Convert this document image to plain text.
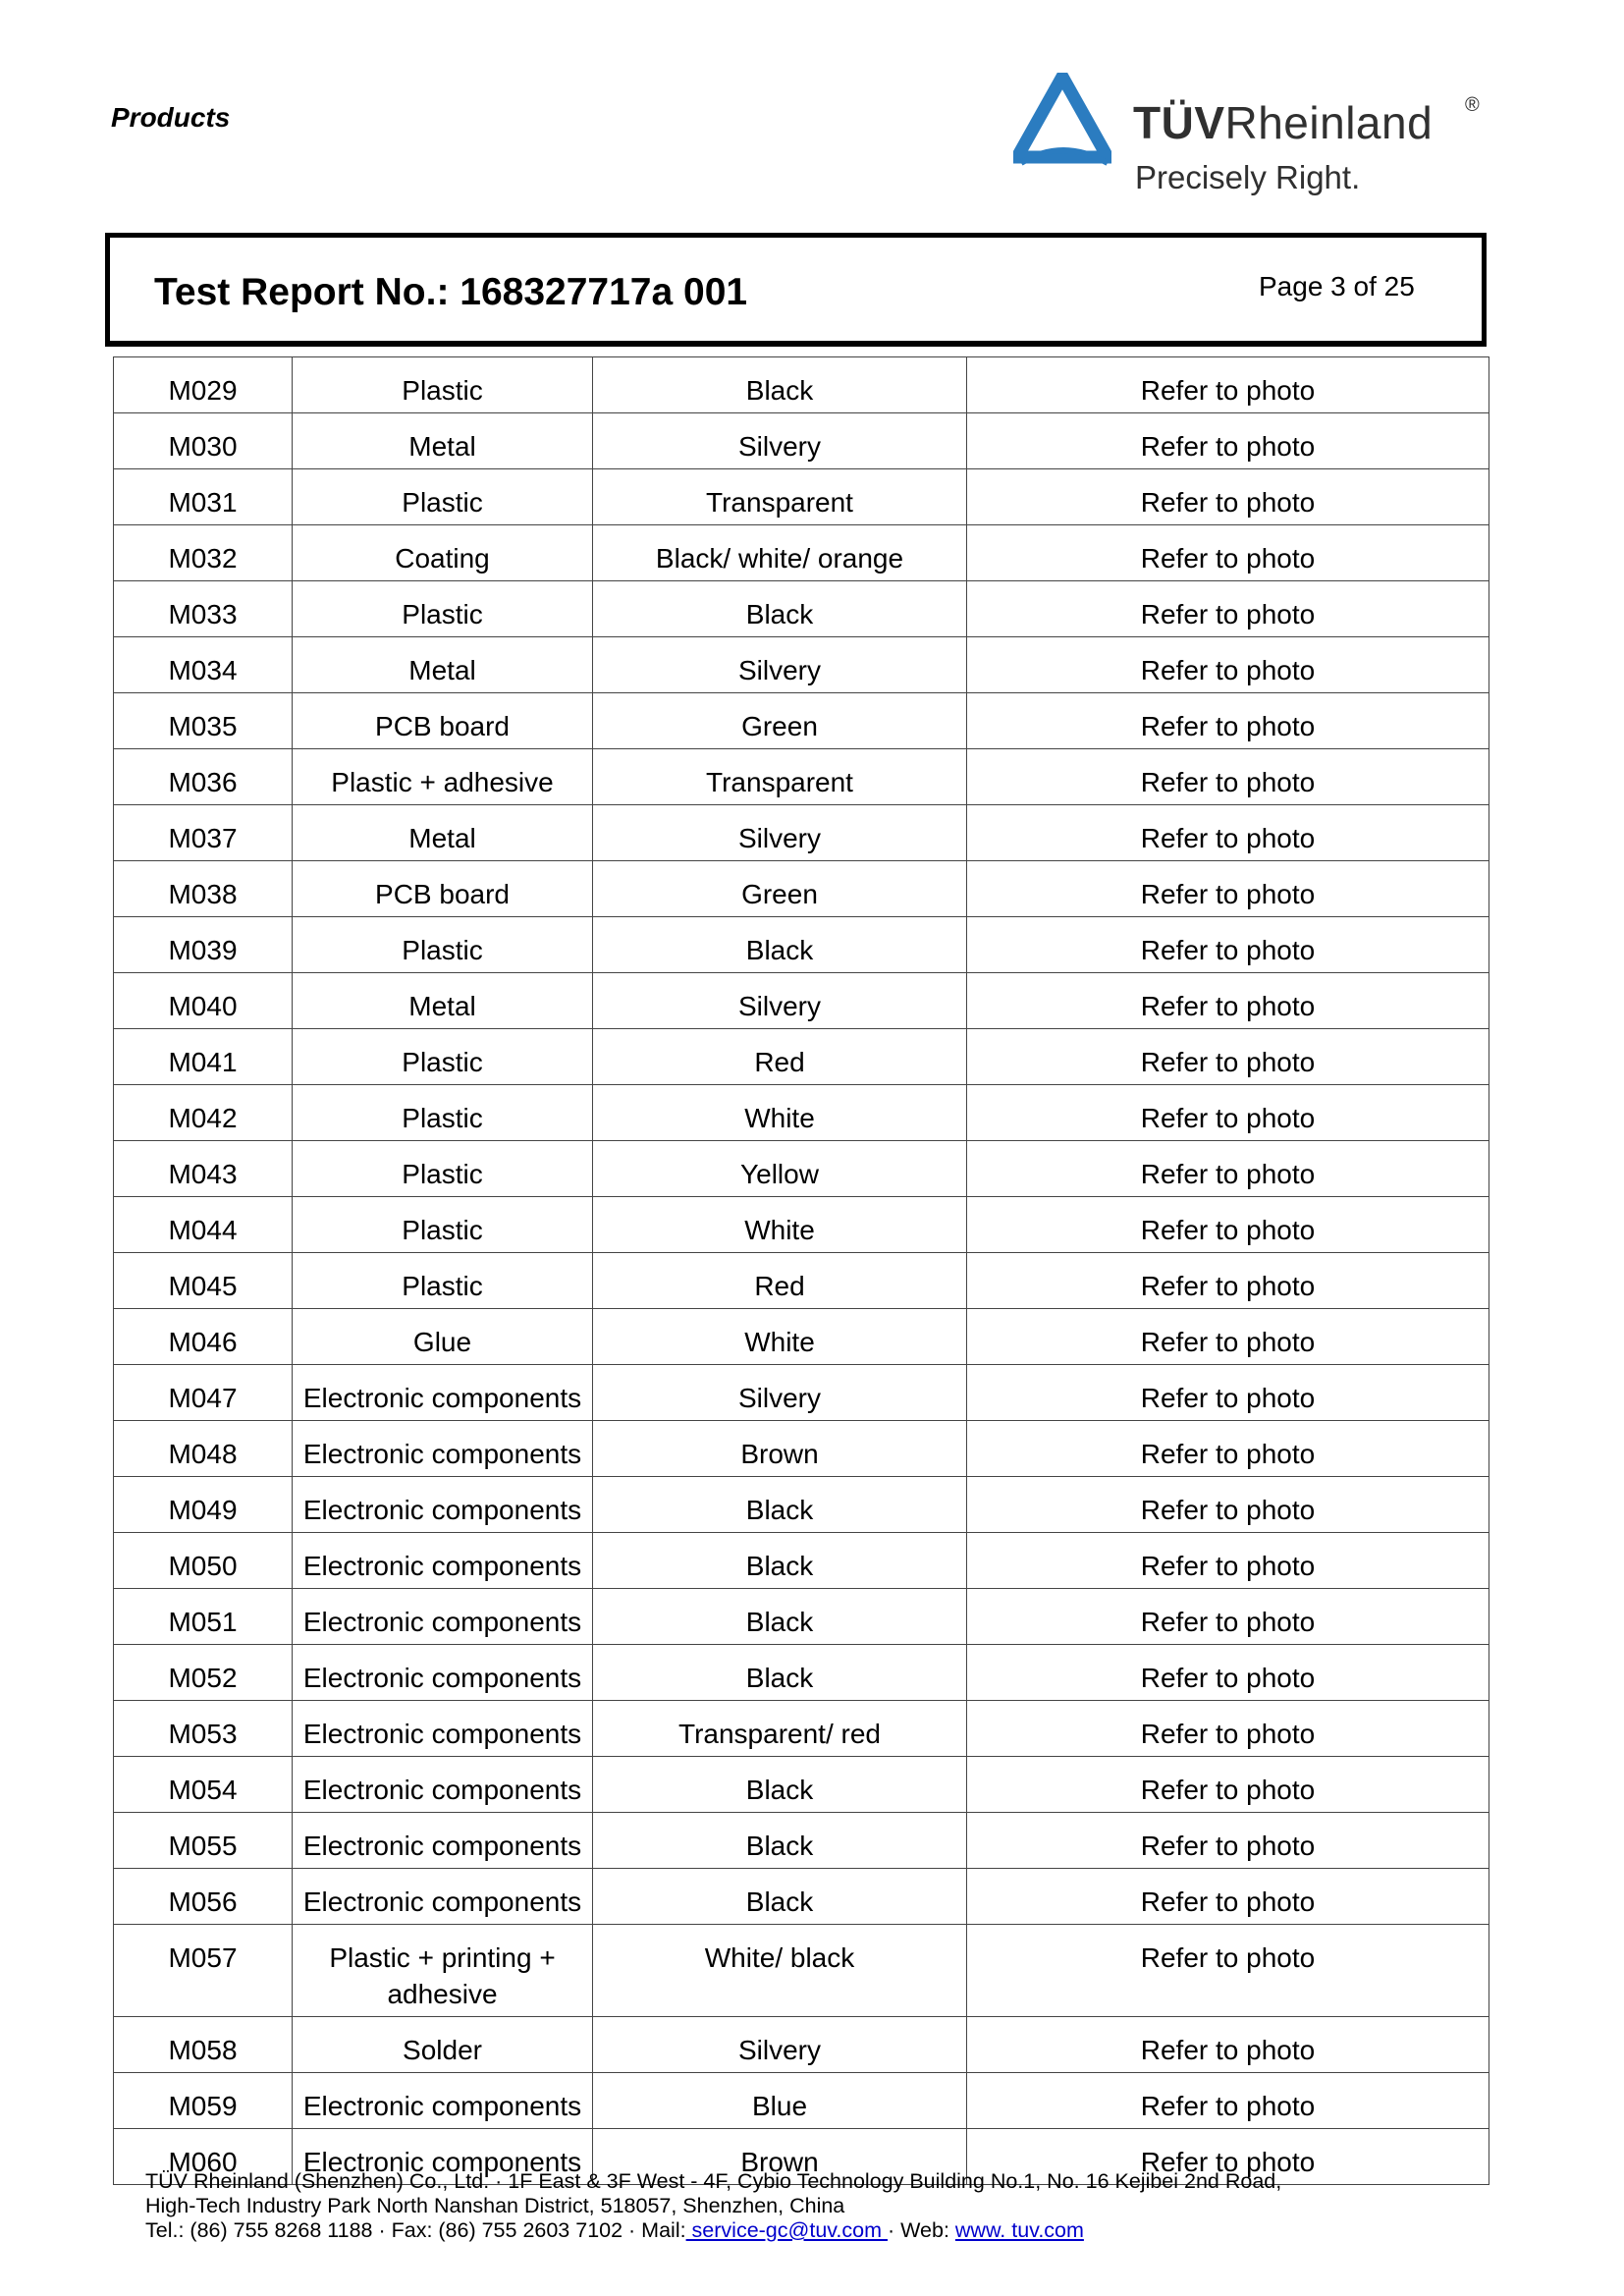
Products	TÜVRheinland ®
Precisely Right.
Test Report No.: 168327717a 001	Page 3 of 25
M029	Plastic	Black	Refer to photo
M030	Metal	Silvery	Refer to photo
M031	Plastic	Transparent	Refer to photo
M032	Coating	Black/ white/ orange	Refer to photo
M033	Plastic	Black	Refer to photo
M034	Metal	Silvery	Refer to photo
M035	PCB board	Green	Refer to photo
M036	Plastic + adhesive	Transparent	Refer to photo
M037	Metal	Silvery	Refer to photo
M038	PCB board	Green	Refer to photo
M039	Plastic	Black	Refer to photo
M040	Metal	Silvery	Refer to photo
M041	Plastic	Red	Refer to photo
M042	Plastic	White	Refer to photo
M043	Plastic	Yellow	Refer to photo
M044	Plastic	White	Refer to photo
M045	Plastic	Red	Refer to photo
M046	Glue	White	Refer to photo
M047	Electronic components	Silvery	Refer to photo
M048	Electronic components	Brown	Refer to photo
M049	Electronic components	Black	Refer to photo
M050	Electronic components	Black	Refer to photo
M051	Electronic components	Black	Refer to photo
M052	Electronic components	Black	Refer to photo
M053	Electronic components	Transparent/ red	Refer to photo
M054	Electronic components	Black	Refer to photo
M055	Electronic components	Black	Refer to photo
M056	Electronic components	Black	Refer to photo
M057	Plastic + printing + adhesive	White/ black	Refer to photo
M058	Solder	Silvery	Refer to photo
M059	Electronic components	Blue	Refer to photo
M060	Electronic components	Brown	Refer to photo
TÜV Rheinland (Shenzhen) Co., Ltd. · 1F East & 3F West - 4F, Cybio Technology Building No.1, No. 16 Kejibei 2nd Road,
High-Tech Industry Park North Nanshan District, 518057, Shenzhen, China
Tel.: (86) 755 8268 1188 · Fax: (86) 755 2603 7102 · Mail: service-gc@tuv.com · Web: www. tuv.com
